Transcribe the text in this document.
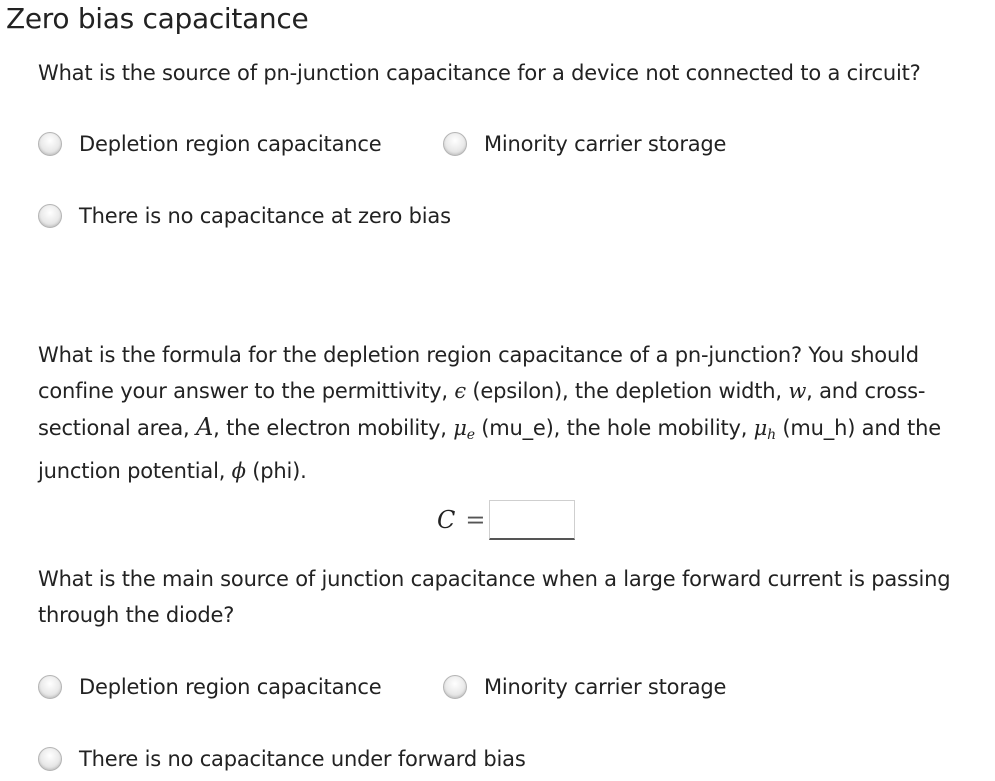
Zero bias capacitance
What is the source of pn-junction capacitance for a device not connected to a circuit?
Depletion region capacitance	Minority carrier storage
There is no capacitance at zero bias
What is the formula for the depletion region capacitance of a pn-junction? You should
confine your answer to the permittivity, ϵ (epsilon), the depletion width, w, and cross-
sectional area, A, the electron mobility, μe (mu_e), the hole mobility, μh (mu_h) and the
junction potential, ϕ (phi).
C =
What is the main source of junction capacitance when a large forward current is passing
through the diode?
Depletion region capacitance	Minority carrier storage
There is no capacitance under forward bias
